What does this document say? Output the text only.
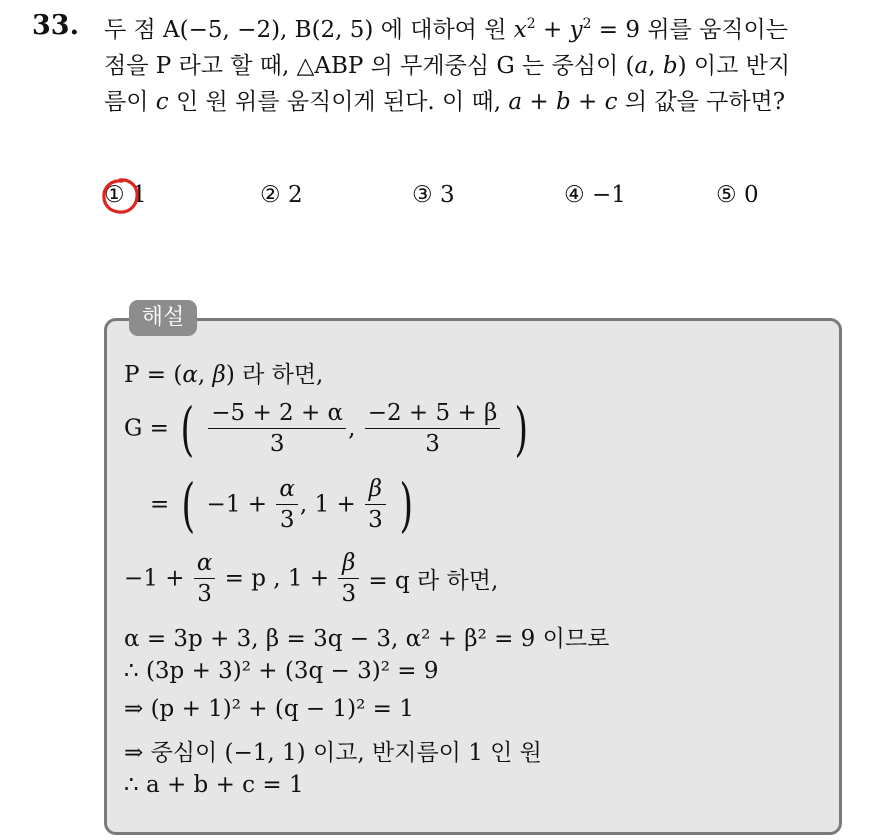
33. 두 점 A(−5, −2), B(2, 5) 에 대하여 원 $x^2 + y^2 = 9$ 위를 움직이는
점을 P 라고 할 때, △ABP 의 무게중심 G 는 중심이 (a, b) 이고 반지
름이 c 인 원 위를 움직이게 된다. 이 때, a + b + c 의 값을 구하면?
① 1	② 2	③ 3	④ −1	⑤ 0
해설
P = (α, β) 라 하면,
G = ( $\frac{-5 + 2 + \alpha}{3}$ , $\frac{-2 + 5 + \beta}{3}$ )
= ( $-1 + \frac{\alpha}{3}$ , $1 + \frac{\beta}{3}$ )
$-1 + \frac{\alpha}{3} = p$ , $1 + \frac{\beta}{3} = q$ 라 하면,
α = 3p + 3, β = 3q − 3, α² + β² = 9 이므로
∴ (3p + 3)² + (3q − 3)² = 9
⇒ (p + 1)² + (q − 1)² = 1
⇒ 중심이 (−1, 1) 이고, 반지름이 1 인 원
∴ a + b + c = 1
